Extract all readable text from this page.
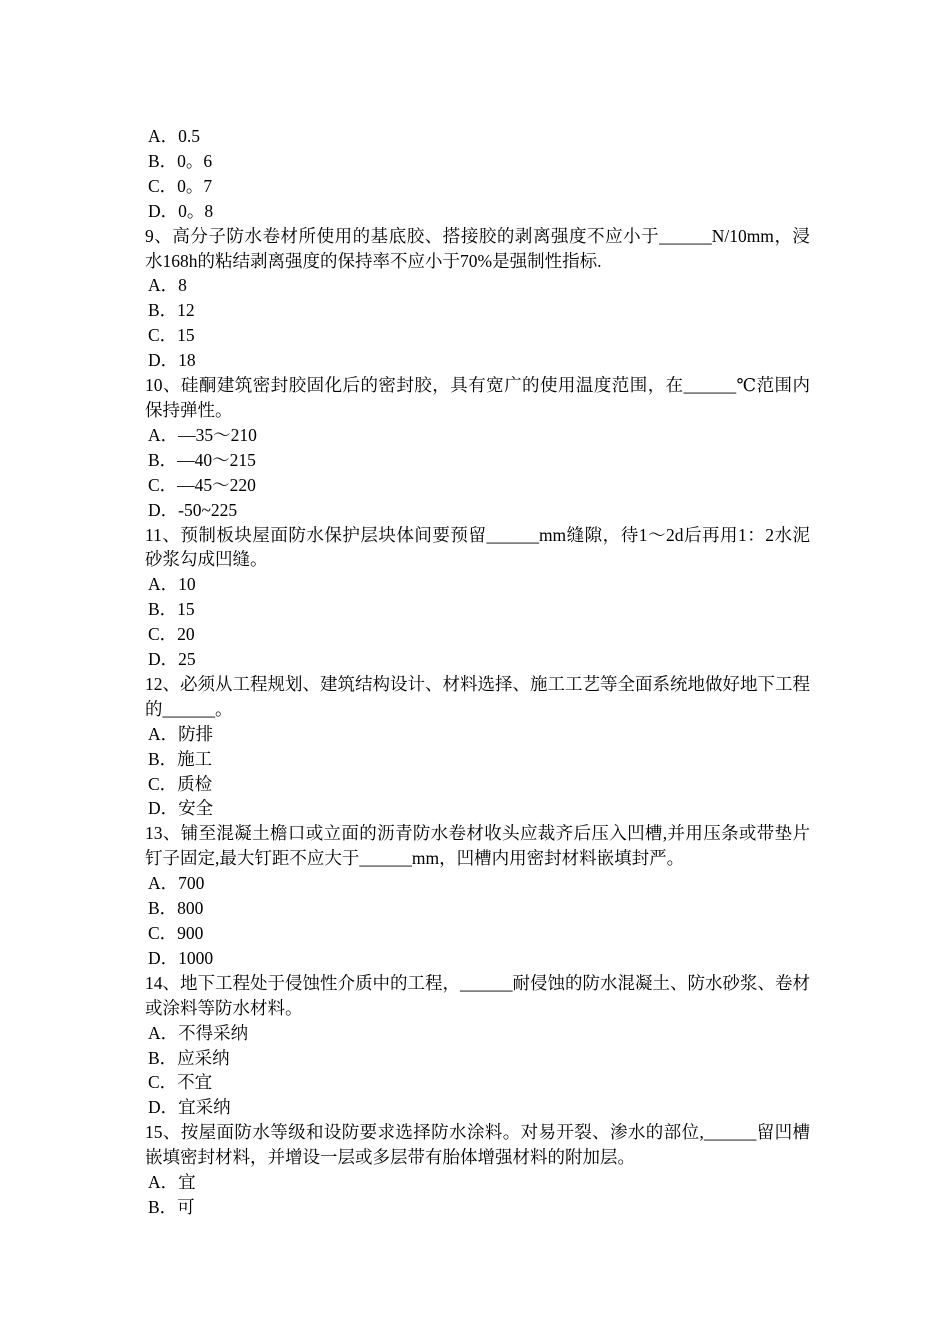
A．0.5

B．0。6

C．0。7

D．0。8

9、高分子防水卷材所使用的基底胶、搭接胶的剥离强度不应小于______N/10mm，浸水168h的粘结剥离强度的保持率不应小于70%是强制性指标.

A．8

B．12

C．15

D．18

10、硅酮建筑密封胶固化后的密封胶，具有宽广的使用温度范围，在______℃范围内保持弹性。

A．—35～210

B．—40～215

C．—45～220

D．-50~225

11、预制板块屋面防水保护层块体间要预留______mm缝隙，待1～2d后再用1：2水泥砂浆勾成凹缝。

A．10

B．15

C．20

D．25

12、必须从工程规划、建筑结构设计、材料选择、施工工艺等全面系统地做好地下工程的______。

A．防排

B．施工

C．质检

D．安全

13、铺至混凝土檐口或立面的沥青防水卷材收头应裁齐后压入凹槽,并用压条或带垫片钉子固定,最大钉距不应大于______mm，凹槽内用密封材料嵌填封严。

A．700

B．800

C．900

D．1000

14、地下工程处于侵蚀性介质中的工程，______耐侵蚀的防水混凝土、防水砂浆、卷材或涂料等防水材料。

A．不得采纳

B．应采纳

C．不宜

D．宜采纳

15、按屋面防水等级和设防要求选择防水涂料。对易开裂、渗水的部位,______留凹槽嵌填密封材料，并增设一层或多层带有胎体增强材料的附加层。

A．宜

B．可
